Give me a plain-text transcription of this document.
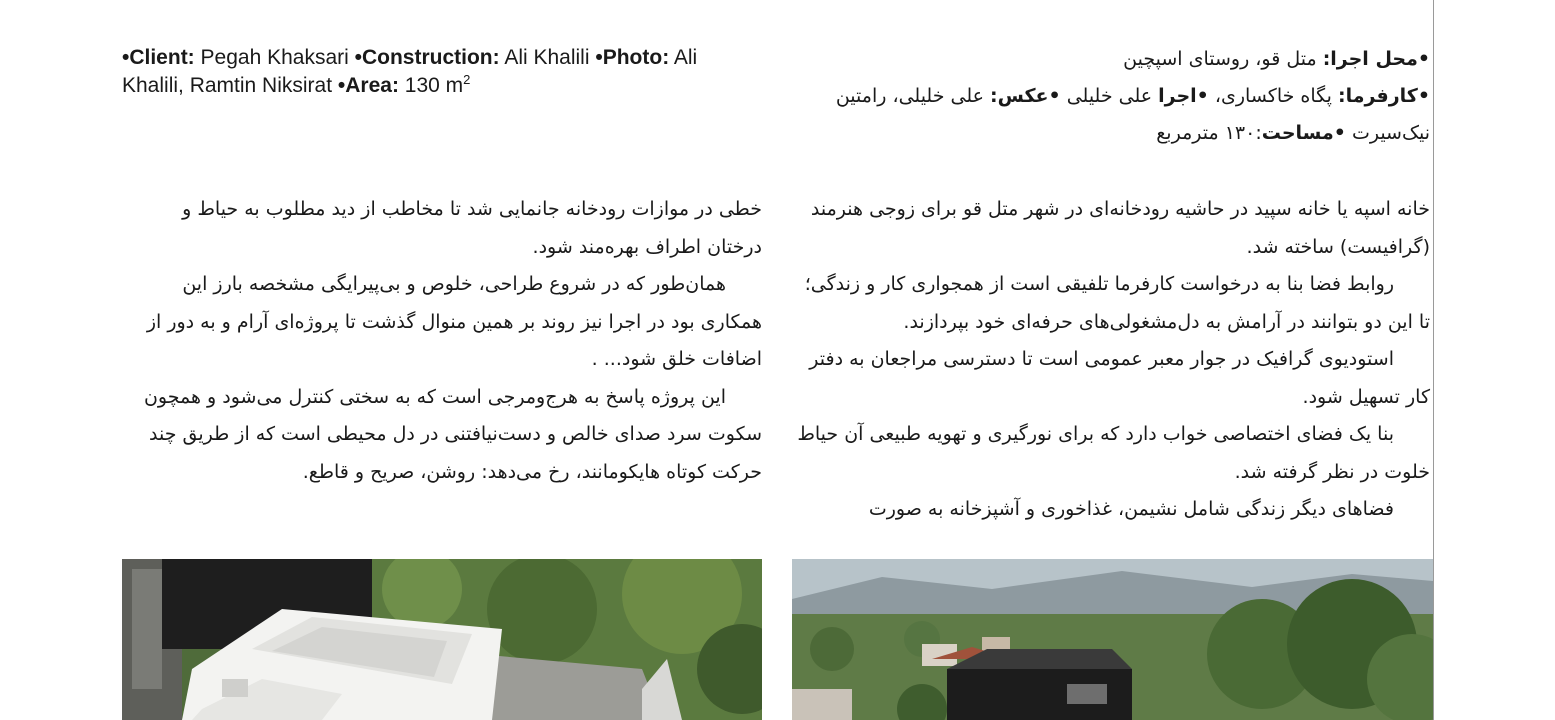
•Client: Pegah Khaksari •Construction: Ali Khalili •Photo: Ali Khalili, Ramtin Niksirat •Area: 130 $m^2$
•محل اجرا: متل قو، روستای اسپچین
•کارفرما: پگاه خاکساری، •اجرا علی خلیلی •عکس: علی خلیلی، رامتین نیک‌سیرت •مساحت:۱۳۰ مترمربع

خانه اسپه یا خانه سپید در حاشیه رودخانه‌ای در شهر متل قو برای زوجی هنرمند (گرافیست) ساخته شد.

روابط فضا بنا به درخواست کارفرما تلفیقی است از همجواری کار و زندگی؛ تا این دو بتوانند در آرامش به دل‌مشغولی‌های حرفه‌ای خود بپردازند.

استودیوی گرافیک در جوار معبر عمومی است تا دسترسی مراجعان به دفتر کار تسهیل شود.

بنا یک فضای اختصاصی خواب دارد که برای نورگیری و تهویه طبیعی آن حیاط خلوت در نظر گرفته شد.

فضاهای دیگر زندگی شامل نشیمن، غذاخوری و آشپزخانه به صورت

خطی در موازات رودخانه جانمایی شد تا مخاطب از دید مطلوب به حیاط و درختان اطراف بهره‌مند شود.

همان‌طور که در شروع طراحی، خلوص و بی‌پیرایگی مشخصه بارز این همکاری بود در اجرا نیز روند بر همین منوال گذشت تا پروژه‌ای آرام و به دور از اضافات خلق شود... .

این پروژه پاسخ به هرج‌ومرجی است که به سختی کنترل می‌شود و همچون سکوت سرد صدای خالص و دست‌نیافتنی در دل محیطی است که از طریق چند حرکت کوتاه هایکومانند، رخ می‌دهد: روشن، صریح و قاطع.
